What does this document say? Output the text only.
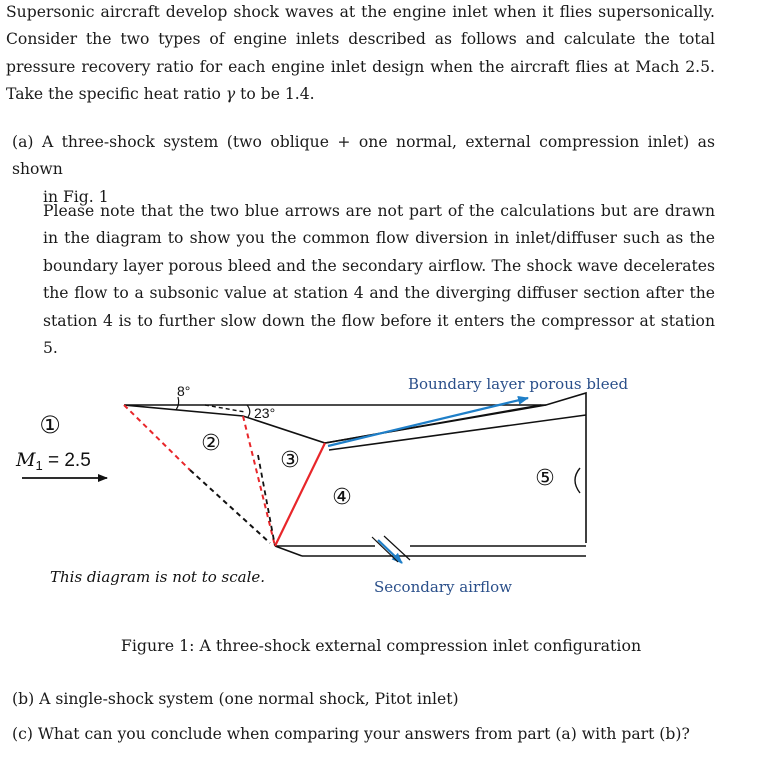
Supersonic aircraft develop shock waves at the engine inlet when it flies supersonically. Consider the two types of engine inlets described as follows and calculate the total pressure recovery ratio for each engine inlet design when the aircraft flies at Mach 2.5. Take the specific heat ratio γ to be 1.4.

(a) A three-shock system (two oblique + one normal, external compression inlet) as shown
in Fig. 1

Please note that the two blue arrows are not part of the calculations but are drawn in the diagram to show you the common flow diversion in inlet/diffuser such as the boundary layer porous bleed and the secondary airflow. The shock wave decelerates the flow to a subsonic value at station 4 and the diverging diffuser section after the station 4 is to further slow down the flow before it enters the compressor at station 5.

8°
23°
①
②
③
④
⑤
$M_1 = 2.5$
Boundary layer porous bleed
Secondary airflow
This diagram is not to scale.
Figure 1: A three-shock external compression inlet configuration

(b) A single-shock system (one normal shock, Pitot inlet)

(c) What can you conclude when comparing your answers from part (a) with part (b)?
